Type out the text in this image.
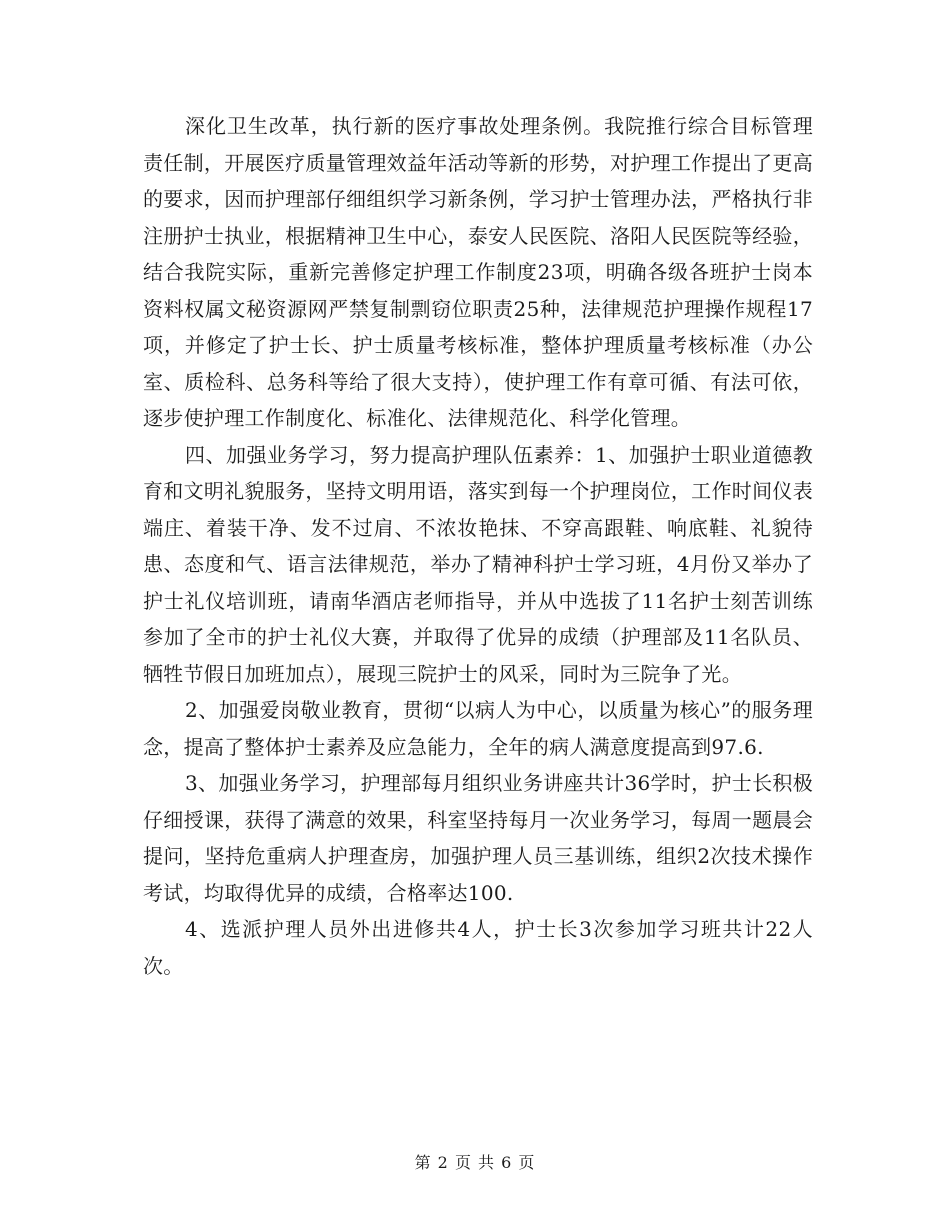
深化卫生改革，执行新的医疗事故处理条例。我院推行综合目标管理责任制，开展医疗质量管理效益年活动等新的形势，对护理工作提出了更高的要求，因而护理部仔细组织学习新条例，学习护士管理办法，严格执行非注册护士执业，根据精神卫生中心，泰安人民医院、洛阳人民医院等经验，结合我院实际，重新完善修定护理工作制度23项，明确各级各班护士岗本资料权属文秘资源网严禁复制剽窃位职责25种，法律规范护理操作规程17项，并修定了护士长、护士质量考核标准，整体护理质量考核标准（办公室、质检科、总务科等给了很大支持），使护理工作有章可循、有法可依，逐步使护理工作制度化、标准化、法律规范化、科学化管理。

四、加强业务学习，努力提高护理队伍素养：1、加强护士职业道德教育和文明礼貌服务，坚持文明用语，落实到每一个护理岗位，工作时间仪表端庄、着装干净、发不过肩、不浓妆艳抹、不穿高跟鞋、响底鞋、礼貌待患、态度和气、语言法律规范，举办了精神科护士学习班，4月份又举办了护士礼仪培训班，请南华酒店老师指导，并从中选拔了11名护士刻苦训练参加了全市的护士礼仪大赛，并取得了优异的成绩（护理部及11名队员、牺牲节假日加班加点），展现三院护士的风采，同时为三院争了光。

2、加强爱岗敬业教育，贯彻“以病人为中心，以质量为核心”的服务理念，提高了整体护士素养及应急能力，全年的病人满意度提高到97.6.

3、加强业务学习，护理部每月组织业务讲座共计36学时，护士长积极仔细授课，获得了满意的效果，科室坚持每月一次业务学习，每周一题晨会提问，坚持危重病人护理查房，加强护理人员三基训练，组织2次技术操作考试，均取得优异的成绩，合格率达100.

4、选派护理人员外出进修共4人，护士长3次参加学习班共计22人次。

第 2 页 共 6 页
